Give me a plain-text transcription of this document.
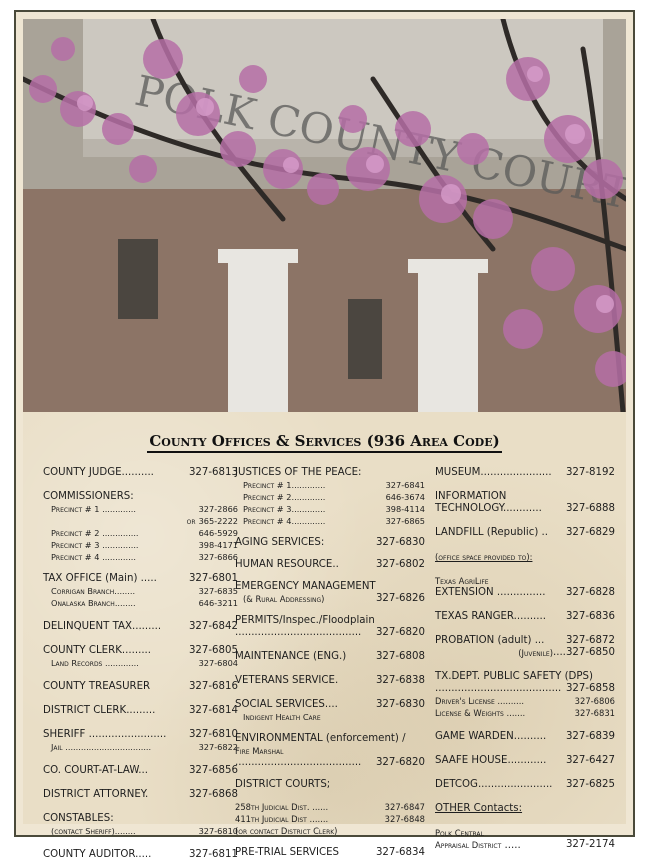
COUNTY COURTHOUSE
County Offices & Services (936 Area Code)
COUNTY JUDGE..........	327-6813
COMMISSIONERS:
Precinct # 1 .............	327-2866
or 365-2222
Precinct # 2 ..............	646-5929
Precinct # 3 ..............	398-4171
Precinct # 4 .............	327-6866
TAX OFFICE (Main) .....	327-6801
Corrigan Branch........	327-6835
Onalaska Branch........	646-3211
DELINQUENT TAX.........	327-6842
COUNTY CLERK.........	327-6805
Land Records .............	327-6804
COUNTY TREASURER	327-6816
DISTRICT CLERK.........	327-6814
SHERIFF ........................ 327-6810
Jail .................................	327-6822
CO. COURT-AT-LAW...	327-6856
DISTRICT ATTORNEY.	327-6868
CONSTABLES:
(contact Sheriff)........	327-6810
COUNTY AUDITOR.....	327-6811
JUSTICES OF THE PEACE:
Precinct # 1.............	327-6841
Precinct # 2.............	646-3674
Precinct # 3.............	398-4114
Precinct # 4.............	327-6865
AGING SERVICES:	327-6830
HUMAN RESOURCE..	327-6802
EMERGENCY MANAGEMENT
(& Rural Addressing)	327-6826
PERMITS/Inspec./Floodplain
....................................... 327-6820
MAINTENANCE (ENG.)	327-6808
VETERANS SERVICE.	327-6838
SOCIAL SERVICES....	327-6830
Indigent Health Care
ENVIRONMENTAL (enforcement) /
Fire Marshal
....................................... 327-6820
DISTRICT COURTS;
258th Judicial Dist. ......	327-6847
411th Judicial Dist .......	327-6848
(or contact District Clerk)
PRE-TRIAL SERVICES	327-6834
MUSEUM...................... 327-8192
INFORMATION
TECHNOLOGY............ 327-6888
LANDFILL (Republic) .. 327-6829
(office space provided to):
Texas AgriLife
EXTENSION ............... 327-6828
TEXAS RANGER.......... 327-6836
PROBATION (adult) ... 327-6872
(Juvenile) .... 327-6850
TX.DEPT. PUBLIC SAFETY (DPS)
....................................... 327-6858
Driver's License ..........	327-6806
License & Weights .......	327-6831
GAME WARDEN.......... 327-6839
SAAFE HOUSE............ 327-6427
DETCOG....................... 327-6825
OTHER Contacts:
Polk Central
Appraisal District .....	327-2174
